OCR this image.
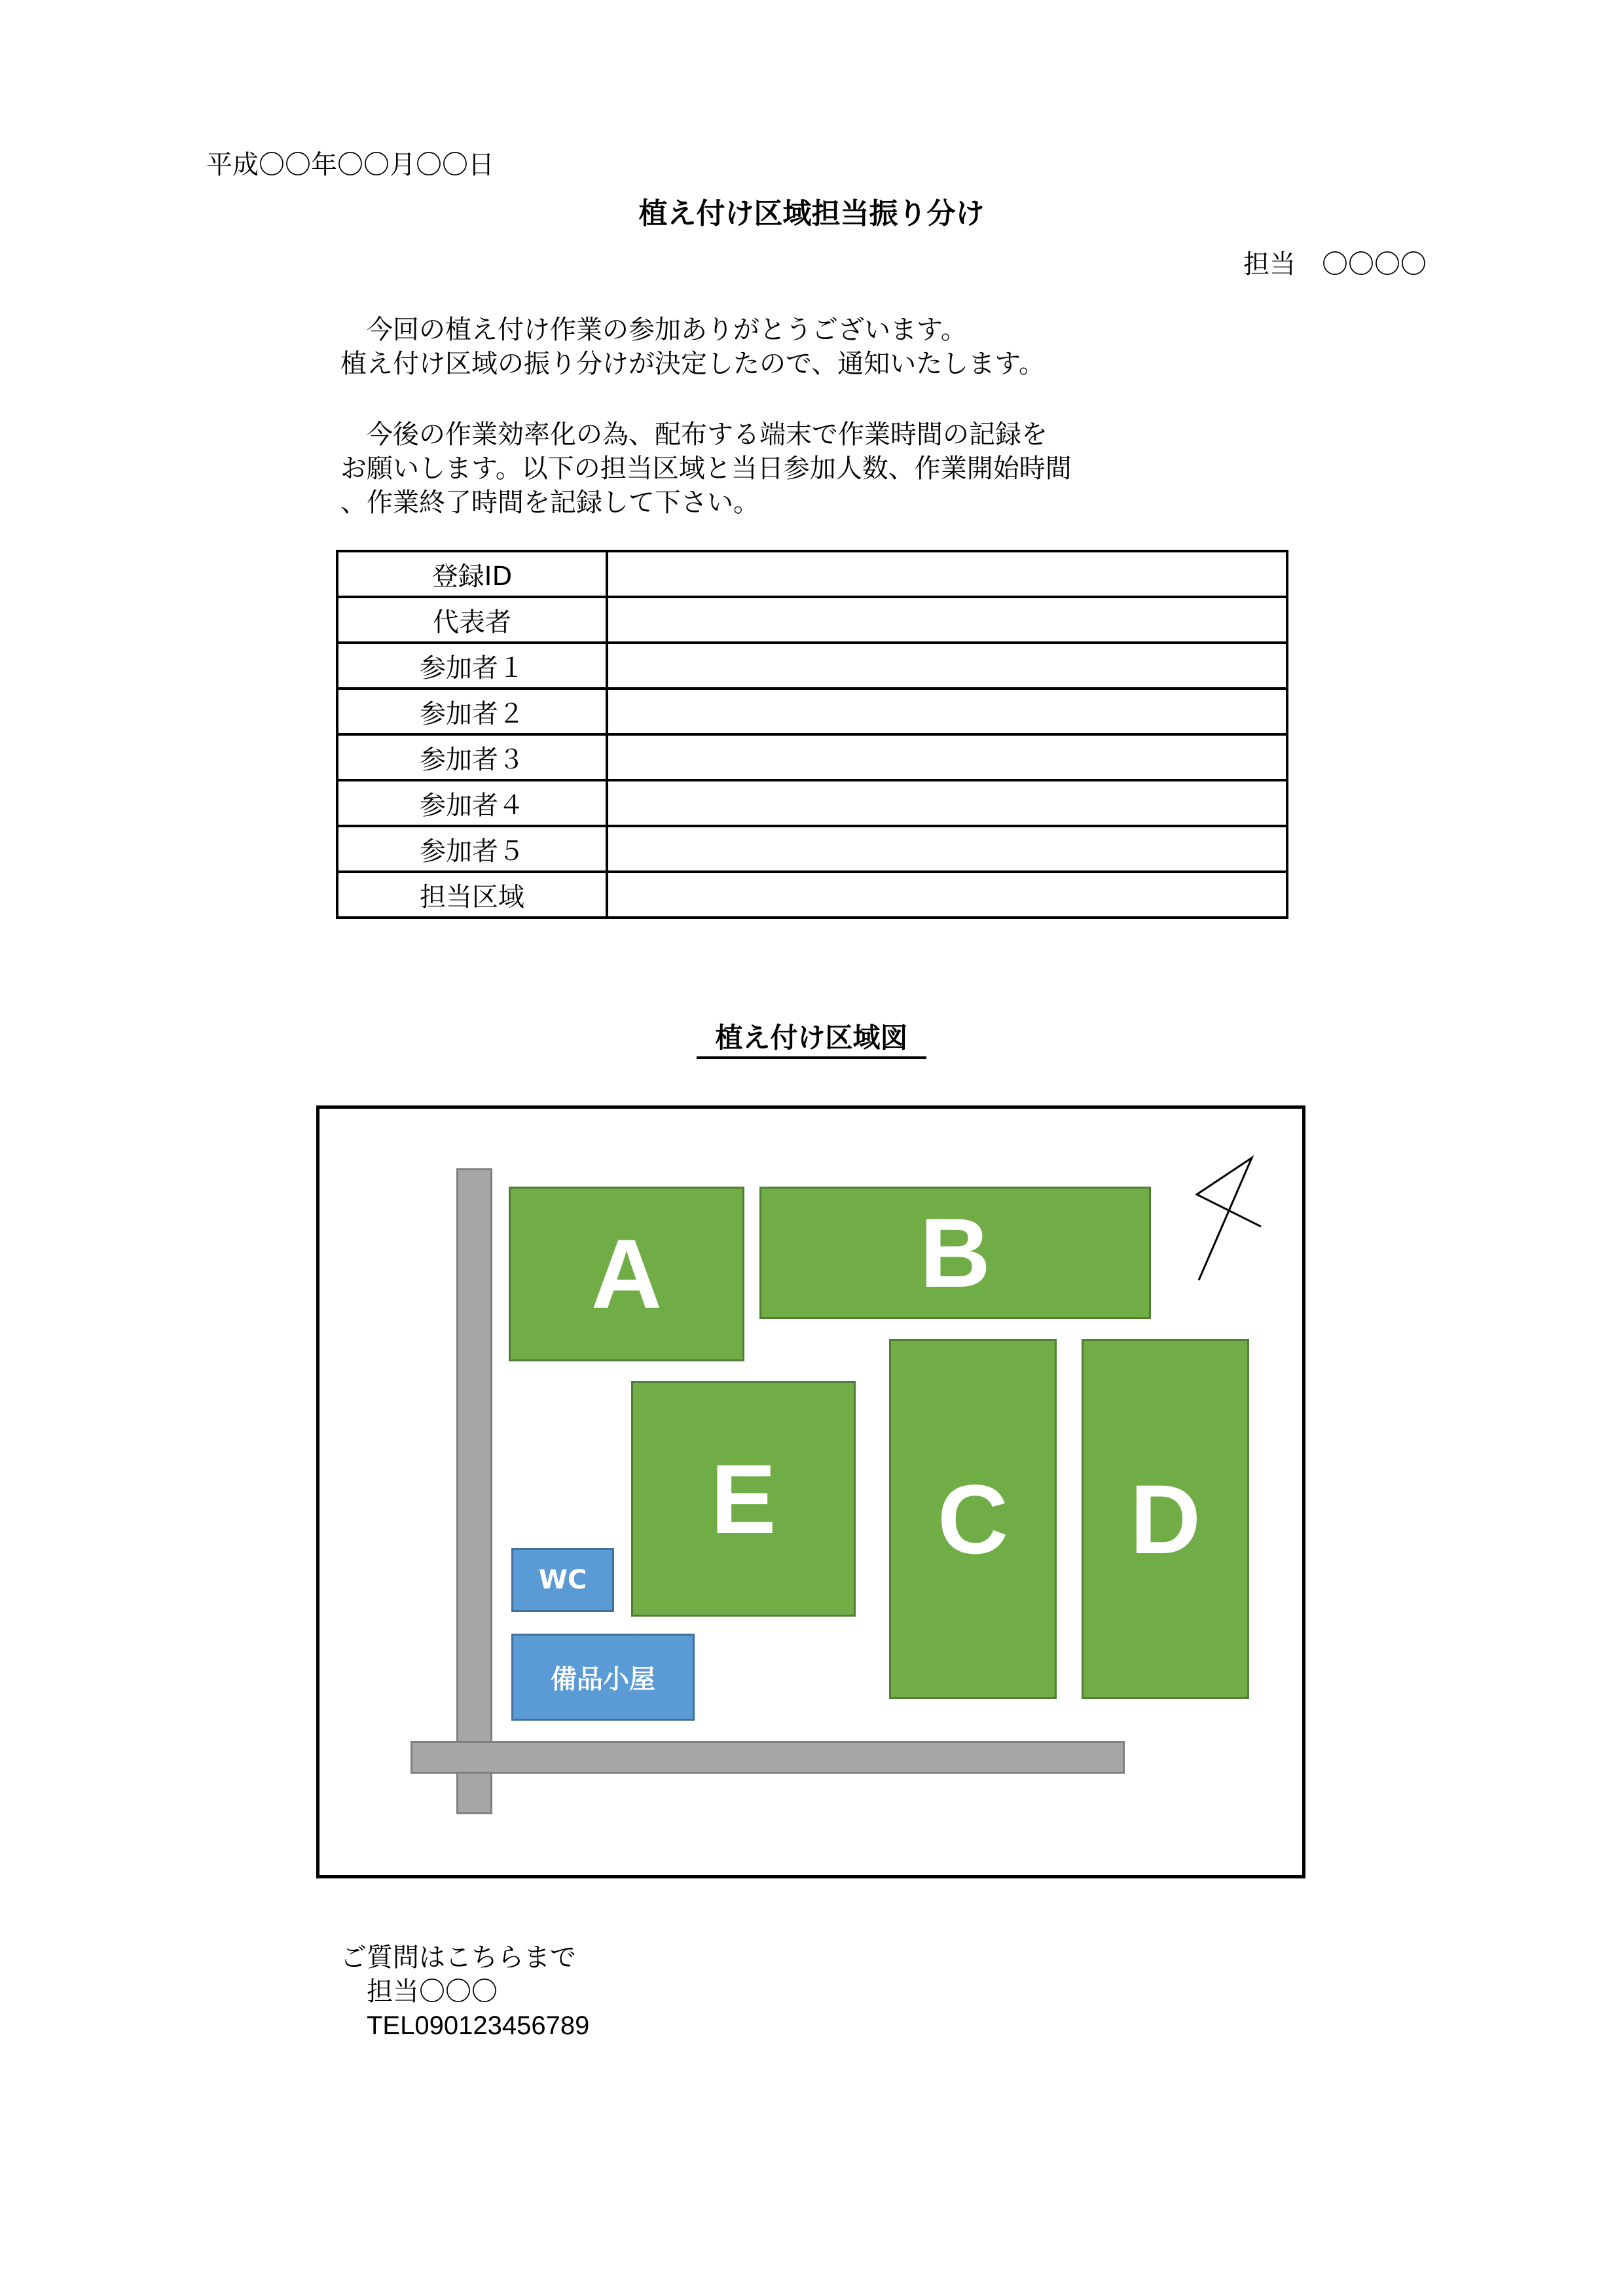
平成〇〇年〇〇月〇〇日
植え付け区域担当振り分け
担当　〇〇〇〇
　今回の植え付け作業の参加ありがとうございます。
植え付け区域の振り分けが決定したので、通知いたします。
　今後の作業効率化の為、配布する端末で作業時間の記録を
お願いします。以下の担当区域と当日参加人数、作業開始時間
、作業終了時間を記録して下さい。
登録ID	
代表者	
参加者１	
参加者２	
参加者３	
参加者４	
参加者５	
担当区域	
植え付け区域図
A	B
E	C	D
WC
備品小屋
ご質問はこちらまで
　担当〇〇〇
　TEL090123456789
